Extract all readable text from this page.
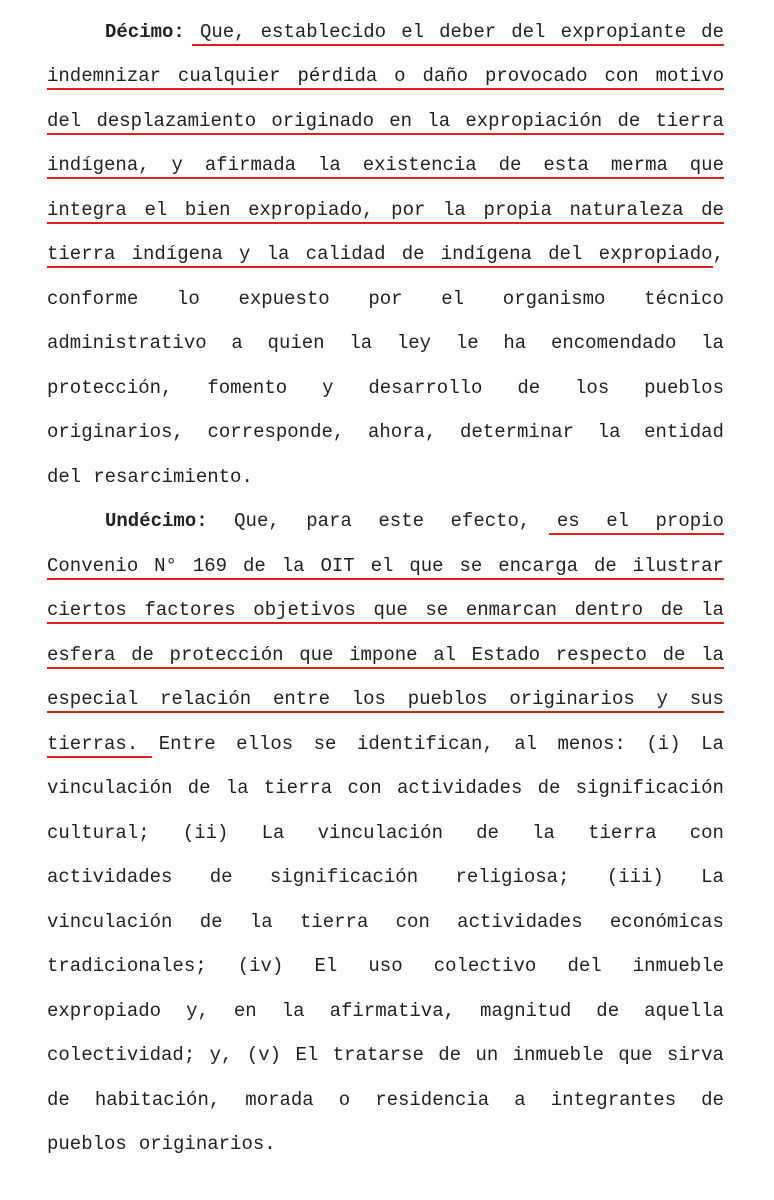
Décimo: Que, establecido el deber del expropiante de
indemnizar cualquier pérdida o daño provocado con motivo
del desplazamiento originado en la expropiación de tierra
indígena, y afirmada la existencia de esta merma que
integra el bien expropiado, por la propia naturaleza de
tierra indígena y la calidad de indígena del expropiado,
conforme lo expuesto por el organismo técnico
administrativo a quien la ley le ha encomendado la
protección, fomento y desarrollo de los pueblos
originarios, corresponde, ahora, determinar la entidad
del resarcimiento.
Undécimo: Que, para este efecto, es el propio
Convenio N° 169 de la OIT el que se encarga de ilustrar
ciertos factores objetivos que se enmarcan dentro de la
esfera de protección que impone al Estado respecto de la
especial relación entre los pueblos originarios y sus
tierras. Entre ellos se identifican, al menos: (i) La
vinculación de la tierra con actividades de significación
cultural; (ii) La vinculación de la tierra con
actividades de significación religiosa; (iii) La
vinculación de la tierra con actividades económicas
tradicionales; (iv) El uso colectivo del inmueble
expropiado y, en la afirmativa, magnitud de aquella
colectividad; y, (v) El tratarse de un inmueble que sirva
de habitación, morada o residencia a integrantes de
pueblos originarios.
